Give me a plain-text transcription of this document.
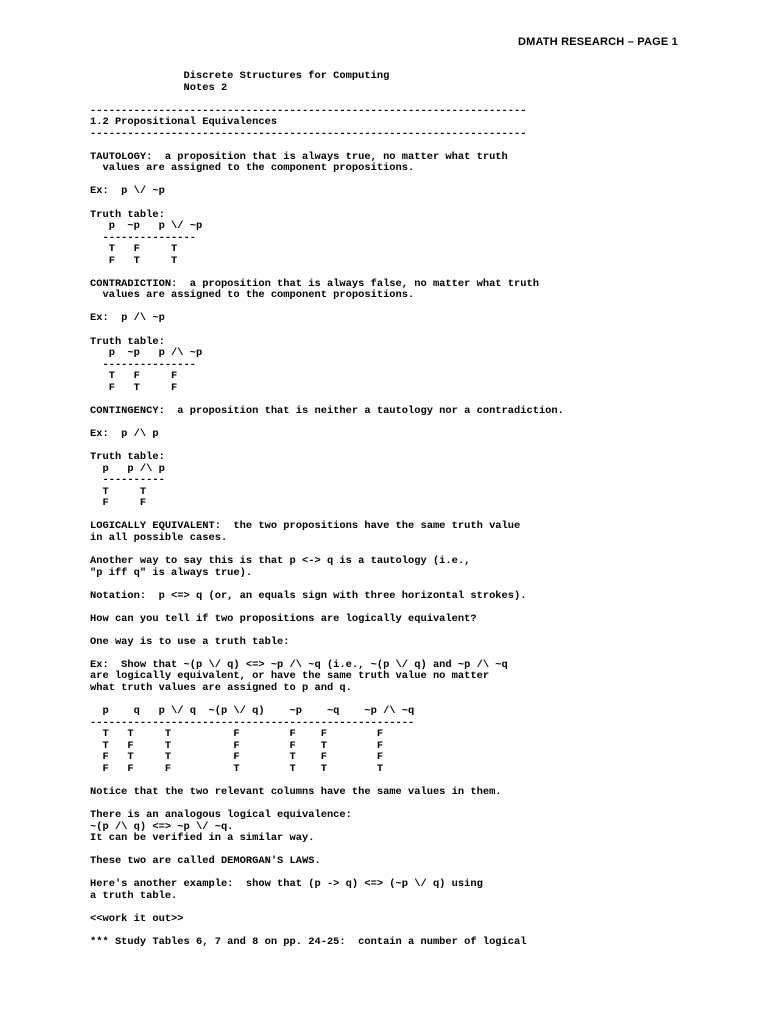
DMATH RESEARCH – PAGE 1
Discrete Structures for Computing
Notes 2

----------------------------------------------------------------------
1.2 Propositional Equivalences
----------------------------------------------------------------------

TAUTOLOGY:  a proposition that is always true, no matter what truth
values are assigned to the component propositions.

Ex:  p \/ ~p

Truth table:
p  ~p   p \/ ~p
---------------
T   F     T
F   T     T

CONTRADICTION:  a proposition that is always false, no matter what truth
values are assigned to the component propositions.

Ex:  p /\ ~p

Truth table:
p  ~p   p /\ ~p
---------------
T   F     F
F   T     F

CONTINGENCY:  a proposition that is neither a tautology nor a contradiction.

Ex:  p /\ p

Truth table:
p   p /\ p
----------
T     T
F     F

LOGICALLY EQUIVALENT:  the two propositions have the same truth value
in all possible cases.

Another way to say this is that p <-> q is a tautology (i.e.,
"p iff q" is always true).

Notation:  p <=> q (or, an equals sign with three horizontal strokes).

How can you tell if two propositions are logically equivalent?

One way is to use a truth table:

Ex:  Show that ~(p \/ q) <=> ~p /\ ~q (i.e., ~(p \/ q) and ~p /\ ~q
are logically equivalent, or have the same truth value no matter
what truth values are assigned to p and q.

p    q   p \/ q  ~(p \/ q)    ~p    ~q    ~p /\ ~q
----------------------------------------------------
T   T     T          F        F    F        F
T   F     T          F        F    T        F
F   T     T          F        T    F        F
F   F     F          T        T    T        T

Notice that the two relevant columns have the same values in them.

There is an analogous logical equivalence:
~(p /\ q) <=> ~p \/ ~q.
It can be verified in a similar way.

These two are called DEMORGAN'S LAWS.

Here's another example:  show that (p -> q) <=> (~p \/ q) using
a truth table.

<<work it out>>

*** Study Tables 6, 7 and 8 on pp. 24-25:  contain a number of logical
